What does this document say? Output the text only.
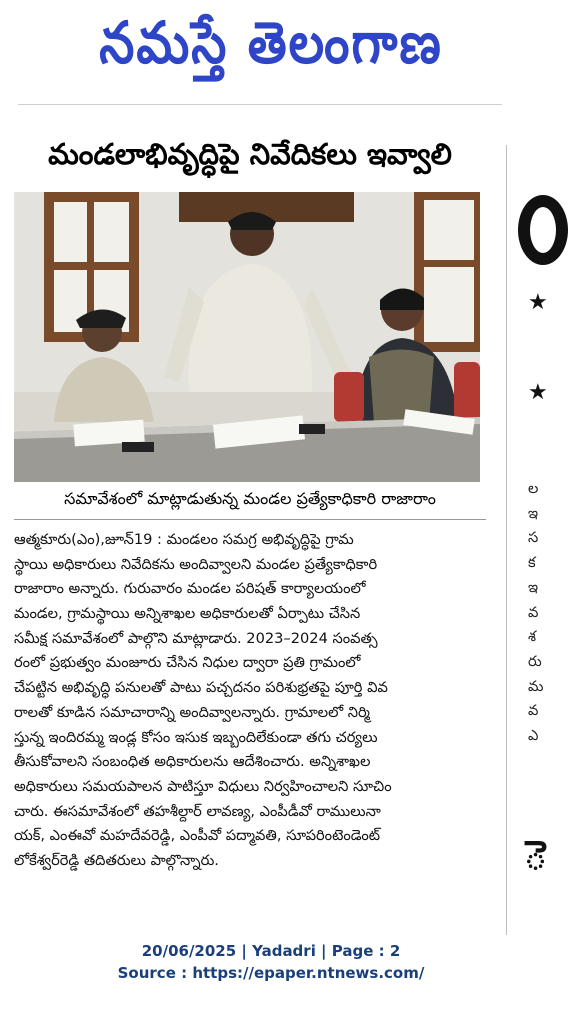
నమస్తే తెలంగాణ
మండలాభివృద్ధిపై నివేదికలు ఇవ్వాలి
సమావేశంలో మాట్లాడుతున్న మండల ప్రత్యేకాధికారి రాజారాం
ఆత్మకూరు(ఎం),జూన్19 : మండలం సమగ్ర అభివృద్ధిపై గ్రామ
స్థాయి అధికారులు నివేదికను అందివ్వాలని మండల ప్రత్యేకాధికారి
రాజారాం అన్నారు. గురువారం మండల పరిషత్ కార్యాలయంలో
మండల, గ్రామస్థాయి అన్నిశాఖల అధికారులతో ఏర్పాటు చేసిన
సమీక్ష సమావేశంలో పాల్గొని మాట్లాడారు. 2023–2024 సంవత్స
రంలో ప్రభుత్వం మంజూరు చేసిన నిధుల ద్వారా ప్రతి గ్రామంలో
చేపట్టిన అభివృద్ధి పనులతో పాటు పచ్చదనం పరిశుభ్రతపై పూర్తి వివ
రాలతో కూడిన సమాచారాన్ని అందివ్వాలన్నారు. గ్రామాలలో నిర్మి
స్తున్న ఇందిరమ్మ ఇండ్ల కోసం ఇసుక ఇబ్బందిలేకుండా తగు చర్యలు
తీసుకోవాలని సంబంధిత అధికారులను ఆదేశించారు. అన్నిశాఖల
అధికారులు సమయపాలన పాటిస్తూ విధులు నిర్వహించాలని సూచిం
చారు. ఈసమావేశంలో తహశీల్దార్ లావణ్య, ఎంపీడీవో రాములునా
యక్, ఎంఈవో మహదేవరెడ్డి, ఎంపీవో పద్మావతి, సూపరింటెండెంట్
లోకేశ్వర్‌రెడ్డి తదితరులు పాల్గొన్నారు.
★
★
ల
ఇ
స
క
ఇ
వ
శ
రు
మ
వ
ఎ
ె
20/06/2025 | Yadadri | Page : 2
Source : https://epaper.ntnews.com/
